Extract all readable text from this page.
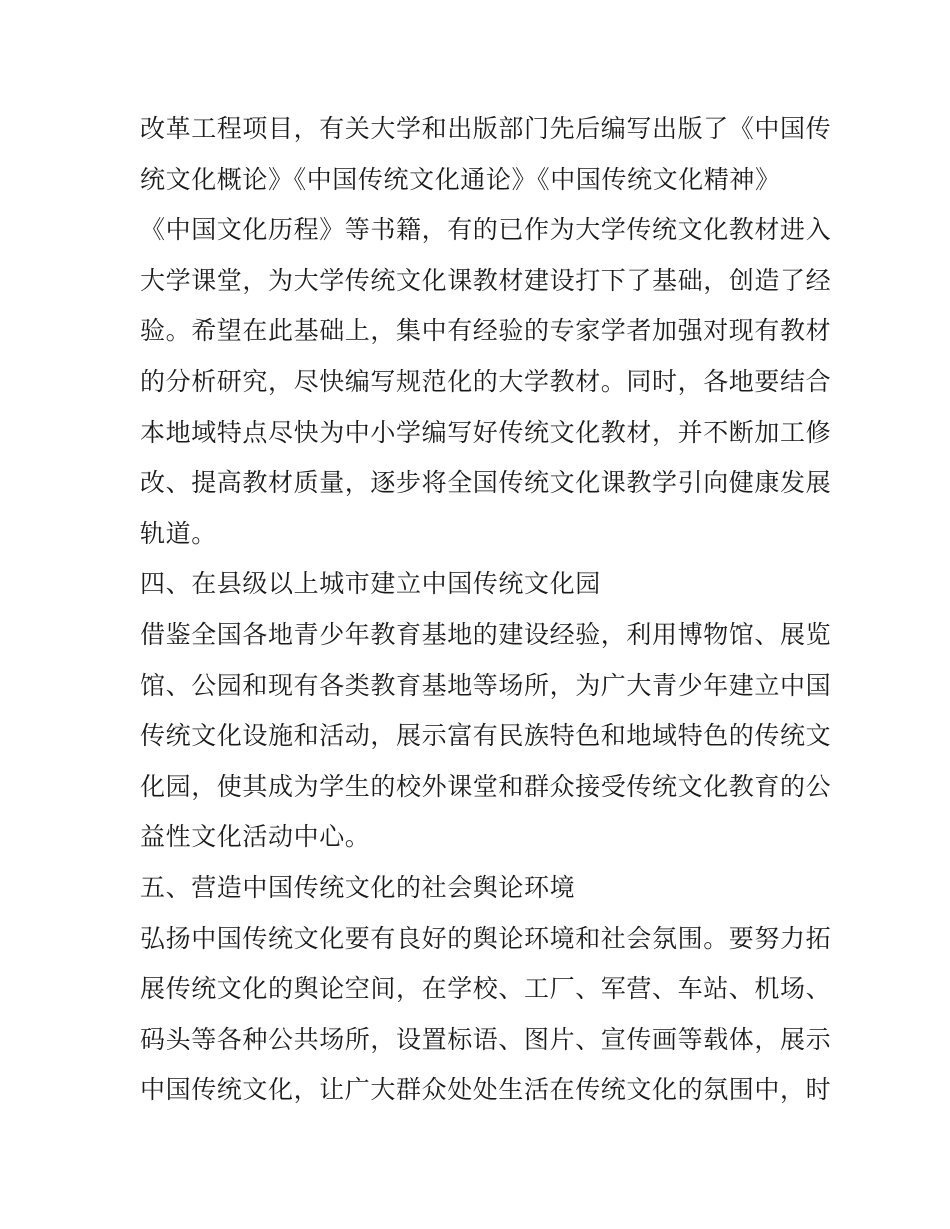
改革工程项目，有关大学和出版部门先后编写出版了《中国传
统文化概论》《中国传统文化通论》《中国传统文化精神》
《中国文化历程》等书籍，有的已作为大学传统文化教材进入
大学课堂，为大学传统文化课教材建设打下了基础，创造了经
验。希望在此基础上，集中有经验的专家学者加强对现有教材
的分析研究，尽快编写规范化的大学教材。同时，各地要结合
本地域特点尽快为中小学编写好传统文化教材，并不断加工修
改、提高教材质量，逐步将全国传统文化课教学引向健康发展
轨道。
四、在县级以上城市建立中国传统文化园
借鉴全国各地青少年教育基地的建设经验，利用博物馆、展览
馆、公园和现有各类教育基地等场所，为广大青少年建立中国
传统文化设施和活动，展示富有民族特色和地域特色的传统文
化园，使其成为学生的校外课堂和群众接受传统文化教育的公
益性文化活动中心。
五、营造中国传统文化的社会舆论环境
弘扬中国传统文化要有良好的舆论环境和社会氛围。要努力拓
展传统文化的舆论空间，在学校、工厂、军营、车站、机场、
码头等各种公共场所，设置标语、图片、宣传画等载体，展示
中国传统文化，让广大群众处处生活在传统文化的氛围中，时
